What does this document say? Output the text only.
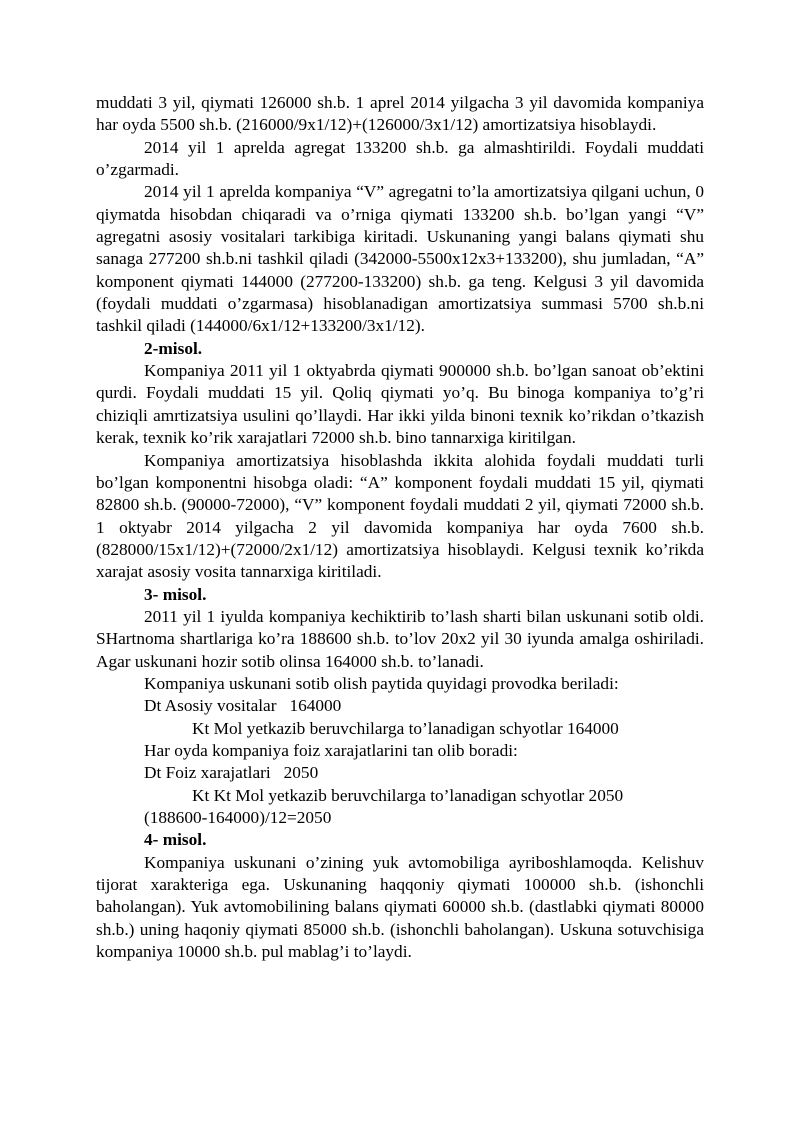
muddati 3 yil, qiymati 126000 sh.b. 1 aprel 2014 yilgacha 3 yil davomida kompaniya har oyda 5500 sh.b. (216000/9x1/12)+(126000/3x1/12) amortizatsiya hisoblaydi.

2014 yil 1 aprelda agregat 133200 sh.b. ga almashtirildi. Foydali muddati o’zgarmadi.

2014 yil 1 aprelda kompaniya “V” agregatni to’la amortizatsiya qilgani uchun, 0 qiymatda hisobdan chiqaradi va o’rniga qiymati 133200 sh.b. bo’lgan yangi “V” agregatni asosiy vositalari tarkibiga kiritadi. Uskunaning yangi balans qiymati shu sanaga 277200 sh.b.ni tashkil qiladi (342000-5500x12x3+133200), shu jumladan, “A” komponent qiymati 144000 (277200-133200) sh.b. ga teng. Kelgusi 3 yil davomida (foydali muddati o’zgarmasa) hisoblanadigan amortizatsiya summasi 5700 sh.b.ni tashkil qiladi (144000/6x1/12+133200/3x1/12).

2-misol.

Kompaniya 2011 yil 1 oktyabrda qiymati 900000 sh.b. bo’lgan sanoat ob’ektini qurdi. Foydali muddati 15 yil. Qoliq qiymati yo’q. Bu binoga kompaniya to’g’ri chiziqli amrtizatsiya usulini qo’llaydi. Har ikki yilda binoni texnik ko’rikdan o’tkazish kerak, texnik ko’rik xarajatlari 72000 sh.b. bino tannarxiga kiritilgan.

Kompaniya amortizatsiya hisoblashda ikkita alohida foydali muddati turli bo’lgan komponentni hisobga oladi: “A” komponent foydali muddati 15 yil, qiymati 82800 sh.b. (90000-72000), “V” komponent foydali muddati 2 yil, qiymati 72000 sh.b. 1 oktyabr 2014 yilgacha 2 yil davomida kompaniya har oyda 7600 sh.b. (828000/15x1/12)+(72000/2x1/12) amortizatsiya hisoblaydi. Kelgusi texnik ko’rikda xarajat asosiy vosita tannarxiga kiritiladi.

3- misol.

2011 yil 1 iyulda kompaniya kechiktirib to’lash sharti bilan uskunani sotib oldi. SHartnoma shartlariga ko’ra 188600 sh.b. to’lov 20x2 yil 30 iyunda amalga oshiriladi. Agar uskunani hozir sotib olinsa 164000 sh.b. to’lanadi.

Kompaniya uskunani sotib olish paytida quyidagi provodka beriladi:

Dt Asosiy vositalar   164000

Kt Mol yetkazib beruvchilarga to’lanadigan schyotlar 164000

Har oyda kompaniya foiz xarajatlarini tan olib boradi:

Dt Foiz xarajatlari   2050

Kt Kt Mol yetkazib beruvchilarga to’lanadigan schyotlar 2050

(188600-164000)/12=2050

4- misol.

Kompaniya uskunani o’zining yuk avtomobiliga ayriboshlamoqda. Kelishuv tijorat xarakteriga ega. Uskunaning haqqoniy qiymati 100000 sh.b. (ishonchli baholangan). Yuk avtomobilining balans qiymati 60000 sh.b. (dastlabki qiymati 80000 sh.b.) uning haqoniy qiymati 85000 sh.b. (ishonchli baholangan). Uskuna sotuvchisiga kompaniya 10000 sh.b. pul mablag’i to’laydi.
